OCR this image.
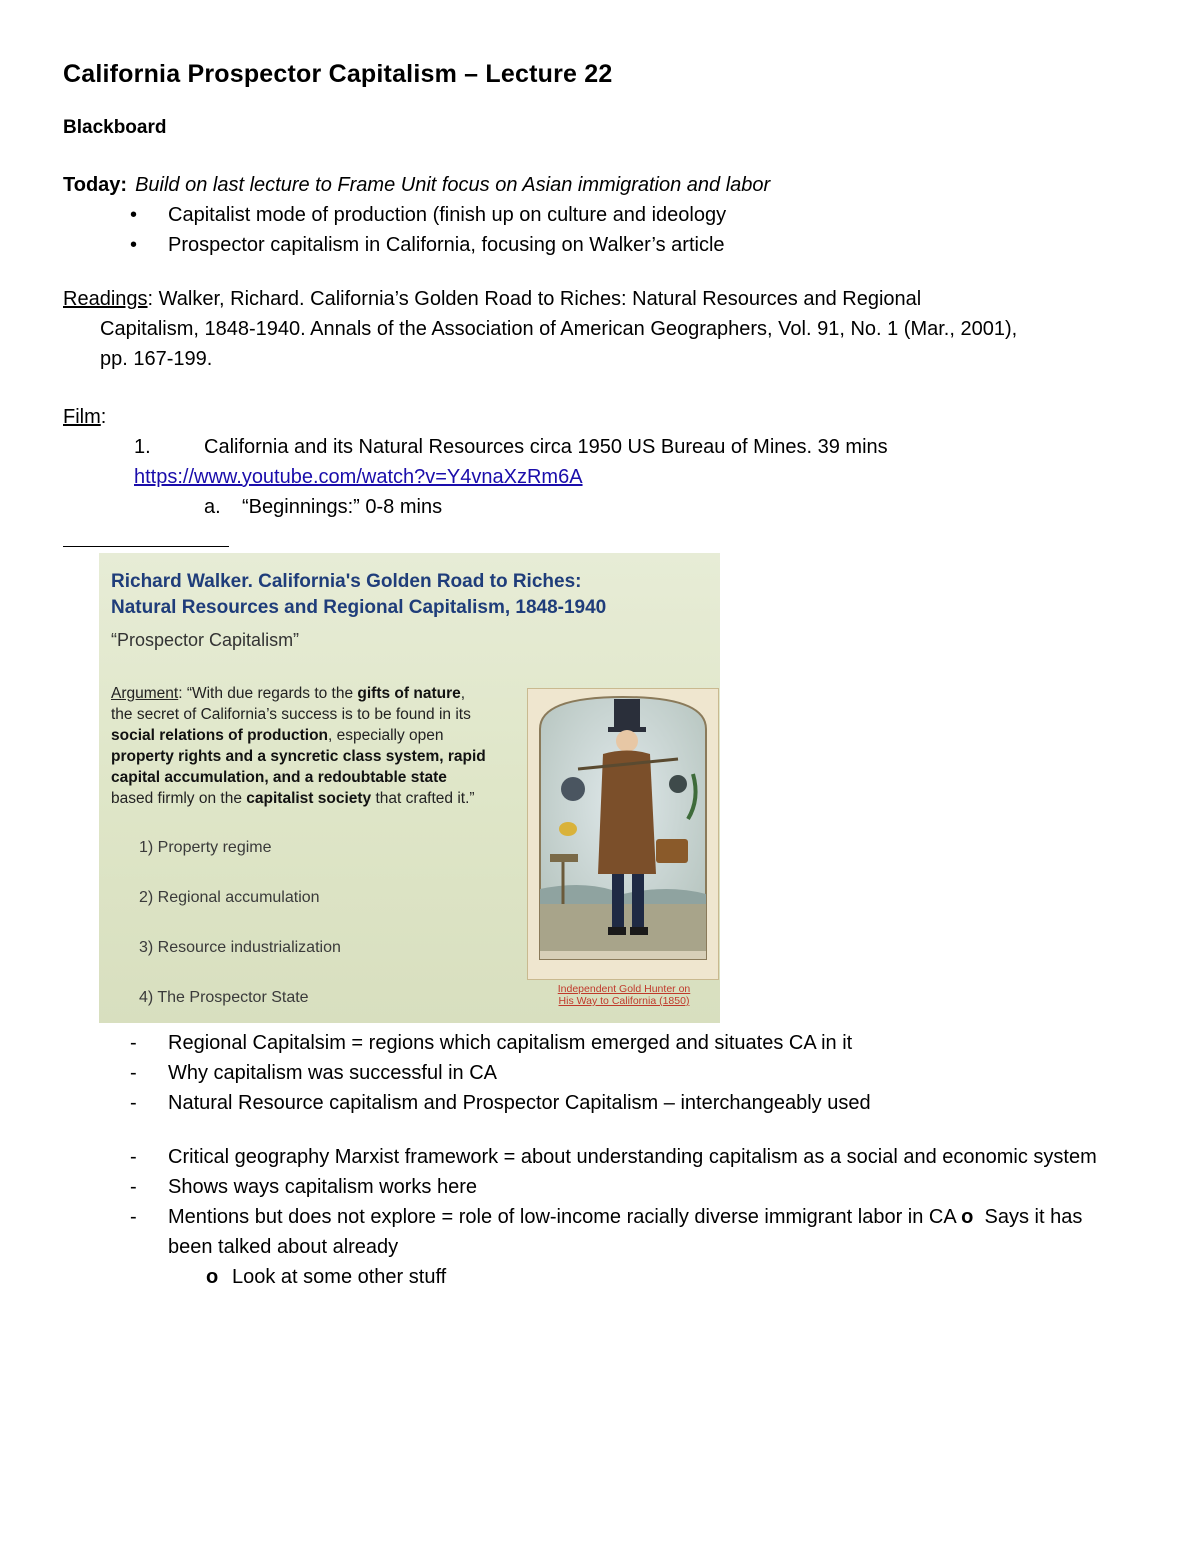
California Prospector Capitalism – Lecture 22
Blackboard
Today: Build on last lecture to Frame Unit focus on Asian immigration and labor
• Capitalist mode of production (finish up on culture and ideology
• Prospector capitalism in California, focusing on Walker’s article
Readings: Walker, Richard. California’s Golden Road to Riches: Natural Resources and Regional
Capitalism, 1848-1940. Annals of the Association of American Geographers, Vol. 91, No. 1 (Mar., 2001),
pp. 167-199.
Film:
1.	California and its Natural Resources circa 1950 US Bureau of Mines. 39 mins
https://www.youtube.com/watch?v=Y4vnaXzRm6A
a. “Beginnings:” 0-8 mins
Richard Walker. California's Golden Road to Riches:
Natural Resources and Regional Capitalism, 1848-1940
“Prospector Capitalism”
Argument: “With due regards to the gifts of nature,
the secret of California’s success is to be found in its
social relations of production, especially open
property rights and a syncretic class system, rapid
capital accumulation, and a redoubtable state
based firmly on the capitalist society that crafted it.”
1) Property regime
2) Regional accumulation
3) Resource industrialization
4) The Prospector State	Independent Gold Hunter on
His Way to California (1850)
- Regional Capitalsim = regions which capitalism emerged and situates CA in it
- Why capitalism was successful in CA
- Natural Resource capitalism and Prospector Capitalism – interchangeably used
- Critical geography Marxist framework = about understanding capitalism as a social and economic system
- Shows ways capitalism works here
- Mentions but does not explore = role of low-income racially diverse immigrant labor in CA o Says it has been talked about already
o Look at some other stuff
